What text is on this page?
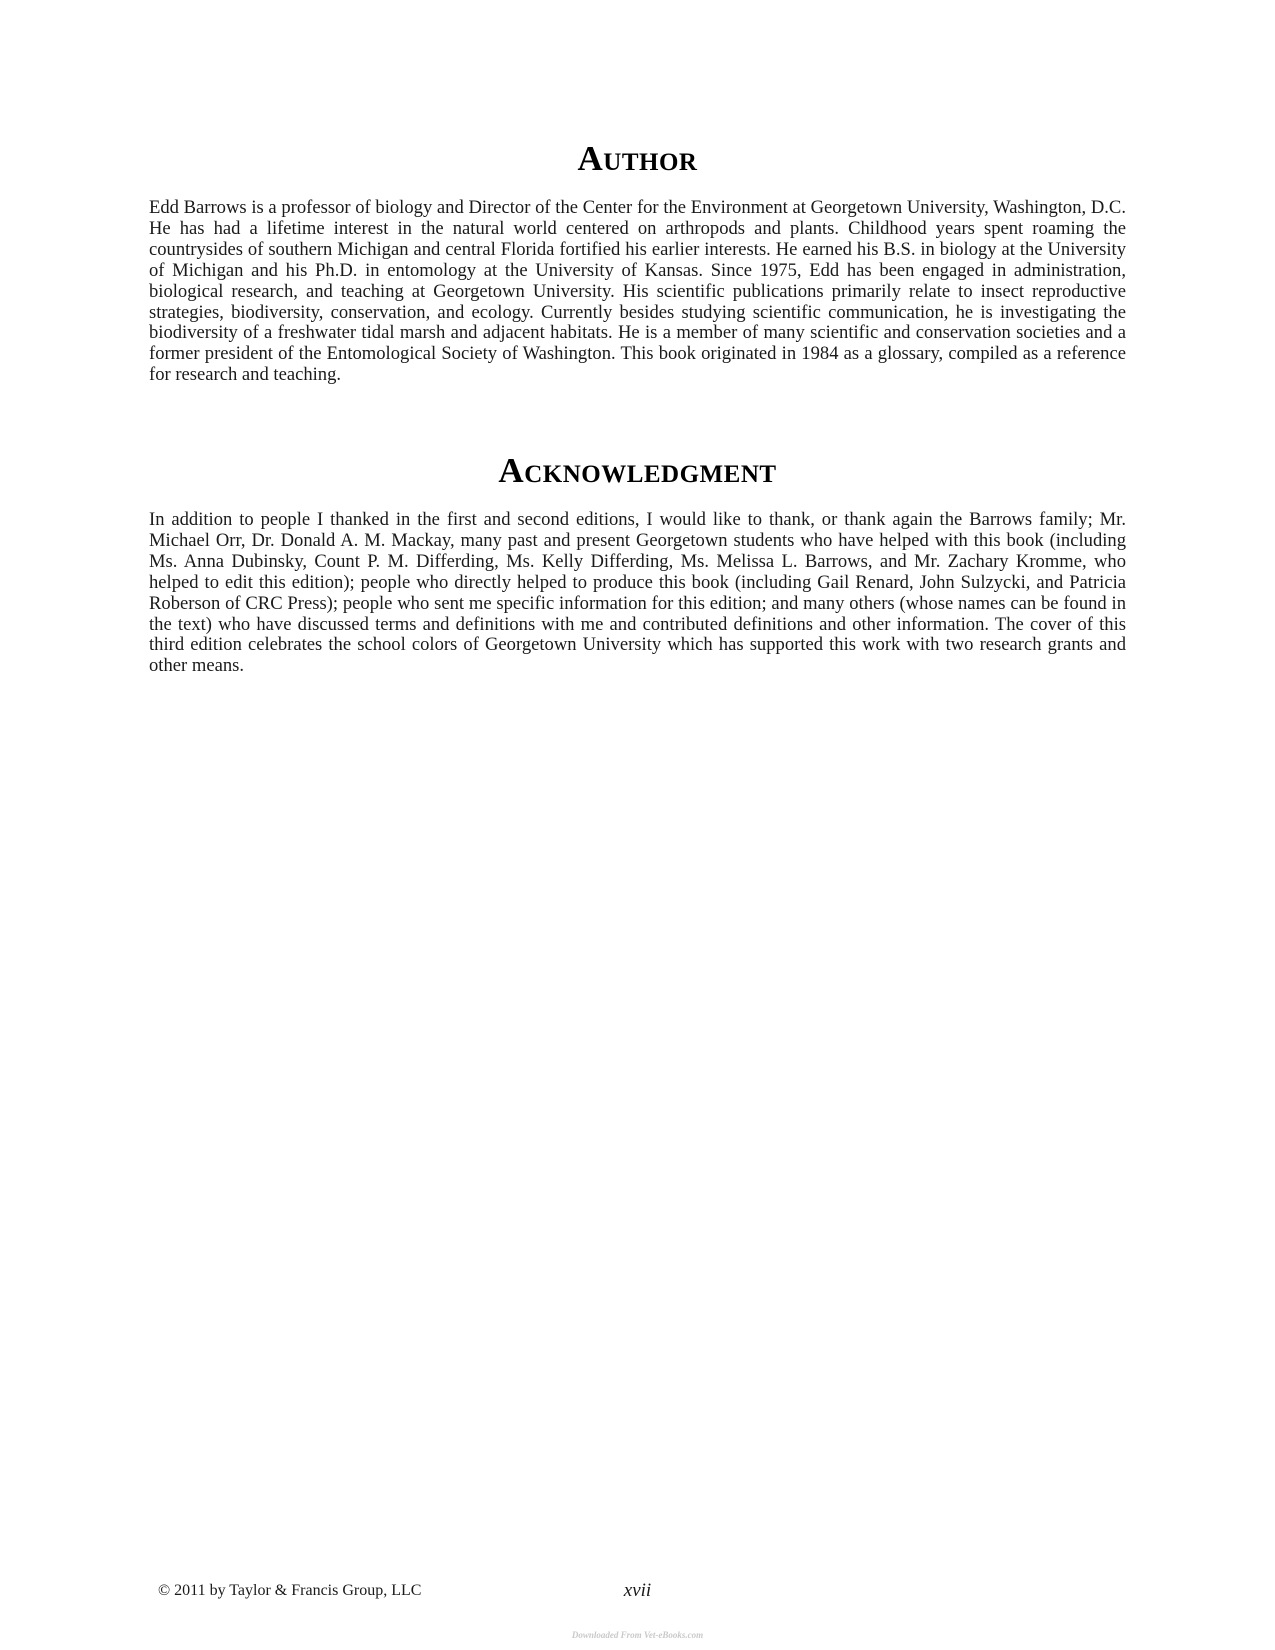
Author

Edd Barrows is a professor of biology and Director of the Center for the Environment at Georgetown University, Washington, D.C. He has had a lifetime interest in the natural world centered on arthropods and plants. Childhood years spent roaming the countrysides of southern Michigan and central Florida fortified his earlier interests. He earned his B.S. in biology at the University of Michigan and his Ph.D. in entomology at the University of Kansas. Since 1975, Edd has been engaged in administration, biological research, and teaching at Georgetown University. His scientific publications primarily relate to insect reproductive strategies, biodiversity, conservation, and ecology. Currently besides studying scientific communication, he is investigating the biodiversity of a freshwater tidal marsh and adjacent habitats. He is a member of many scientific and conservation societies and a former president of the Entomological Society of Washington. This book originated in 1984 as a glossary, compiled as a reference for research and teaching.

Acknowledgment

In addition to people I thanked in the first and second editions, I would like to thank, or thank again the Barrows family; Mr. Michael Orr, Dr. Donald A. M. Mackay, many past and present Georgetown students who have helped with this book (including Ms. Anna Dubinsky, Count P. M. Differding, Ms. Kelly Differding, Ms. Melissa L. Barrows, and Mr. Zachary Kromme, who helped to edit this edition); people who directly helped to produce this book (including Gail Renard, John Sulzycki, and Patricia Roberson of CRC Press); people who sent me specific information for this edition; and many others (whose names can be found in the text) who have discussed terms and definitions with me and contributed definitions and other information. The cover of this third edition celebrates the school colors of Georgetown University which has supported this work with two research grants and other means.

© 2011 by Taylor & Francis Group, LLC	xvii
Downloaded From Vet-eBooks.com
